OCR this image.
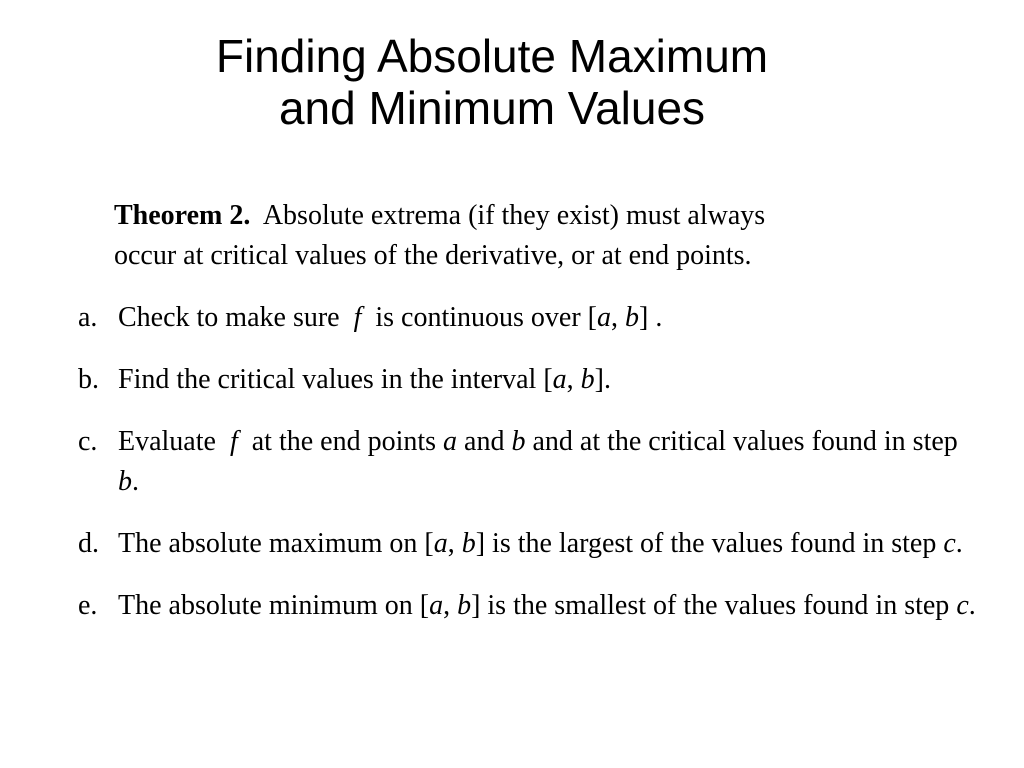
Finding Absolute Maximum
and Minimum Values
Theorem 2. Absolute extrema (if they exist) must always
occur at critical values of the derivative, or at end points.
a. Check to make sure  f  is continuous over [a, b] .
b. Find the critical values in the interval [a, b].
c. Evaluate  f  at the end points a and b and at the critical values found in step b.
d. The absolute maximum on [a, b] is the largest of the values found in step c.
e. The absolute minimum on [a, b] is the smallest of the values found in step c.
